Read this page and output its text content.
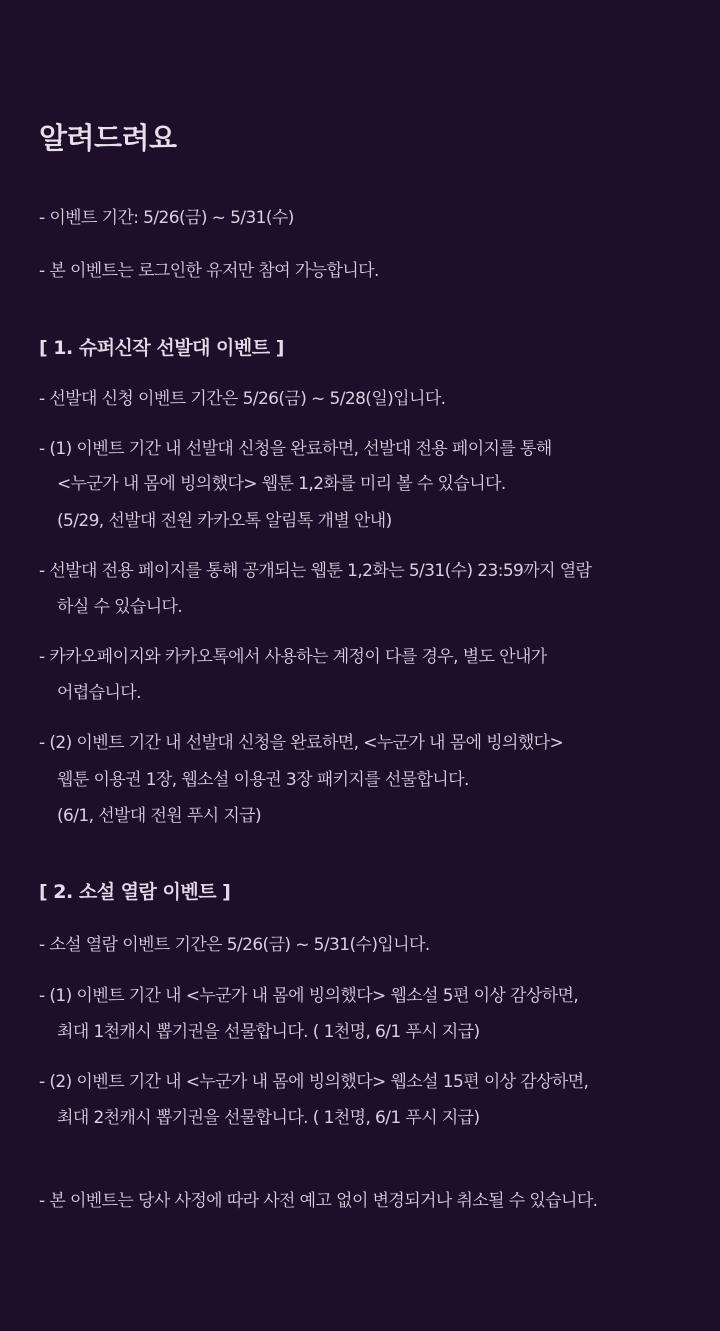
알려드려요
- 이벤트 기간: 5/26(금) ~ 5/31(수)
- 본 이벤트는 로그인한 유저만 참여 가능합니다.
[ 1. 슈퍼신작 선발대 이벤트 ]
- 선발대 신청 이벤트 기간은 5/26(금) ~ 5/28(일)입니다.
- (1) 이벤트 기간 내 선발대 신청을 완료하면, 선발대 전용 페이지를 통해
<누군가 내 몸에 빙의했다> 웹툰 1,2화를 미리 볼 수 있습니다.
(5/29, 선발대 전원 카카오톡 알림톡 개별 안내)
- 선발대 전용 페이지를 통해 공개되는 웹툰 1,2화는 5/31(수) 23:59까지 열람
하실 수 있습니다.
- 카카오페이지와 카카오톡에서 사용하는 계정이 다를 경우, 별도 안내가
어렵습니다.
- (2) 이벤트 기간 내 선발대 신청을 완료하면, <누군가 내 몸에 빙의했다>
웹툰 이용권 1장, 웹소설 이용권 3장 패키지를 선물합니다.
(6/1, 선발대 전원 푸시 지급)
[ 2. 소설 열람 이벤트 ]
- 소설 열람 이벤트 기간은 5/26(금) ~ 5/31(수)입니다.
- (1) 이벤트 기간 내 <누군가 내 몸에 빙의했다> 웹소설 5편 이상 감상하면,
최대 1천캐시 뽑기권을 선물합니다. ( 1천명, 6/1 푸시 지급)
- (2) 이벤트 기간 내 <누군가 내 몸에 빙의했다> 웹소설 15편 이상 감상하면,
최대 2천캐시 뽑기권을 선물합니다. ( 1천명, 6/1 푸시 지급)
- 본 이벤트는 당사 사정에 따라 사전 예고 없이 변경되거나 취소될 수 있습니다.
